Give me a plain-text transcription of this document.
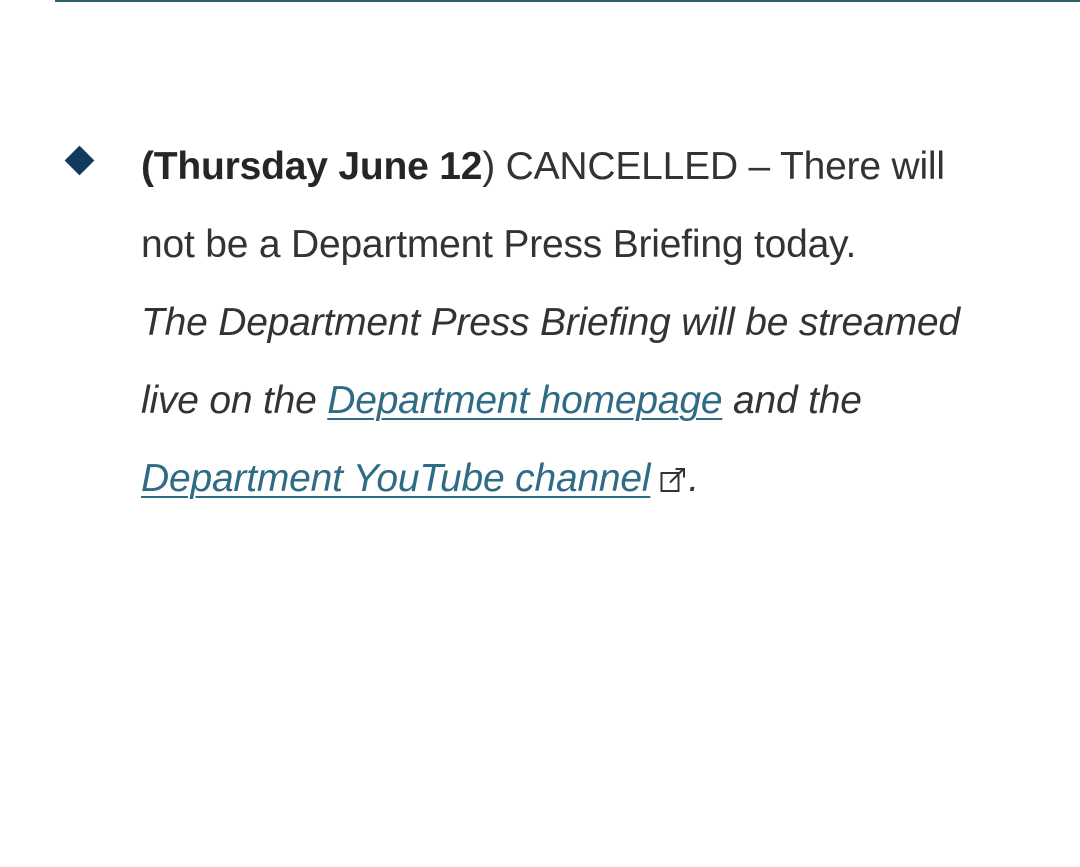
(Thursday June 12) CANCELLED – There will not be a Department Press Briefing today.

The Department Press Briefing will be streamed live on the Department homepage and the Department YouTube channel .
